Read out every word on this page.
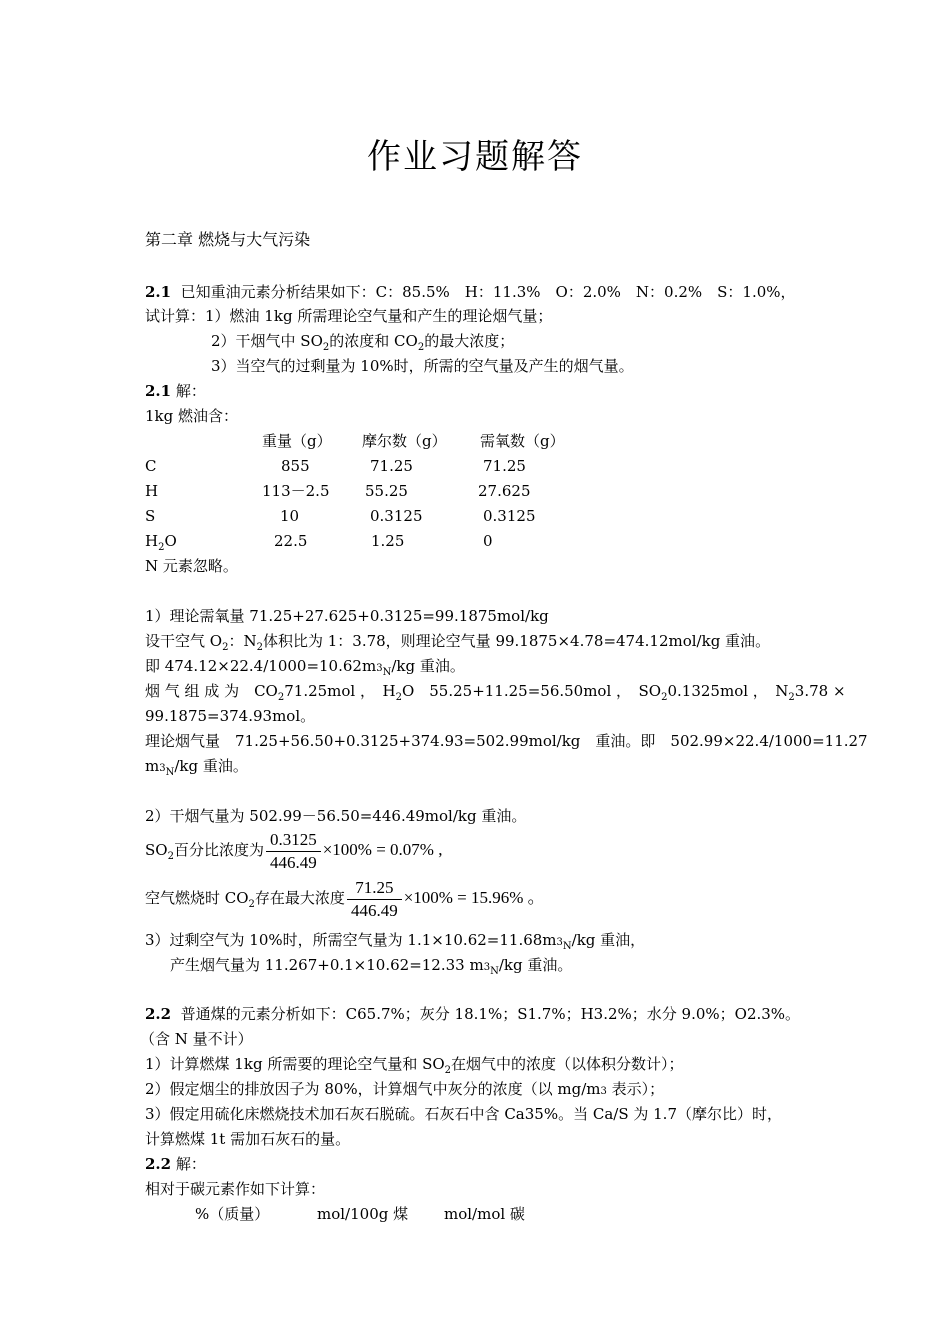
作业习题解答
第二章 燃烧与大气污染
2.1 已知重油元素分析结果如下：C：85.5%　H：11.3%　O：2.0%　N：0.2%　S：1.0%，
试计算：1）燃油 1kg 所需理论空气量和产生的理论烟气量；
2）干烟气中 $SO_2$的浓度和 $CO_2$的最大浓度；
3）当空气的过剩量为 10%时，所需的空气量及产生的烟气量。
2.1 解：
1kg 燃油含：
重量（g） 摩尔数（g） 需氧数（g）
C	855	71.25	71.25
H	113－2.5 55.25	27.625
S	10	0.3125	0.3125
$H_2O$	22.5	1.25	0
N 元素忽略。
1）理论需氧量 71.25+27.625+0.3125=99.1875mol/kg
设干空气 $O_2$：$N_2$体积比为 1：3.78，则理论空气量 99.1875×4.78=474.12mol/kg 重油。
即 $474.12\times 22.4/1000=10.62m3_N/kg$ 重油。
烟 气 组 成 为　$CO_271.25mol$ ，　$H_2O$　55.25+11.25=56.50mol ，　$SO_20.1325mol$ ，　$N_23.78$ ×
99.1875=374.93mol。
理论烟气量　71.25+56.50+0.3125+374.93=502.99mol/kg　重油。即　502.99×22.4/1000=11.27
$m3_N/kg$ 重油。
2）干烟气量为 502.99－56.50=446.49mol/kg 重油。
$SO_2$百分比浓度为 $\frac{0.3125}{446.49} \times 100\% = 0.07\%$ ,
空气燃烧时 $CO_2$存在最大浓度 $\frac{71.25}{446.49} \times 100\% = 15.96\%$ 。
3）过剩空气为 10%时，所需空气量为 $1.1\times 10.62=11.68m3_N/kg$ 重油，
产生烟气量为 11.267+0.1×10.62=12.33 $m3_N/kg$ 重油。
2.2 普通煤的元素分析如下：C65.7%；灰分 18.1%；S1.7%；H3.2%；水分 9.0%；O2.3%。
（含 N 量不计）
1）计算燃煤 1kg 所需要的理论空气量和 $SO_2$在烟气中的浓度（以体积分数计）；
2）假定烟尘的排放因子为 80%，计算烟气中灰分的浓度（以 mg/m3 表示）；
3）假定用硫化床燃烧技术加石灰石脱硫。石灰石中含 Ca35%。当 Ca/S 为 1.7（摩尔比）时，
计算燃煤 1t 需加石灰石的量。
2.2 解：
相对于碳元素作如下计算：
%（质量）	mol/100g 煤 mol/mol 碳
